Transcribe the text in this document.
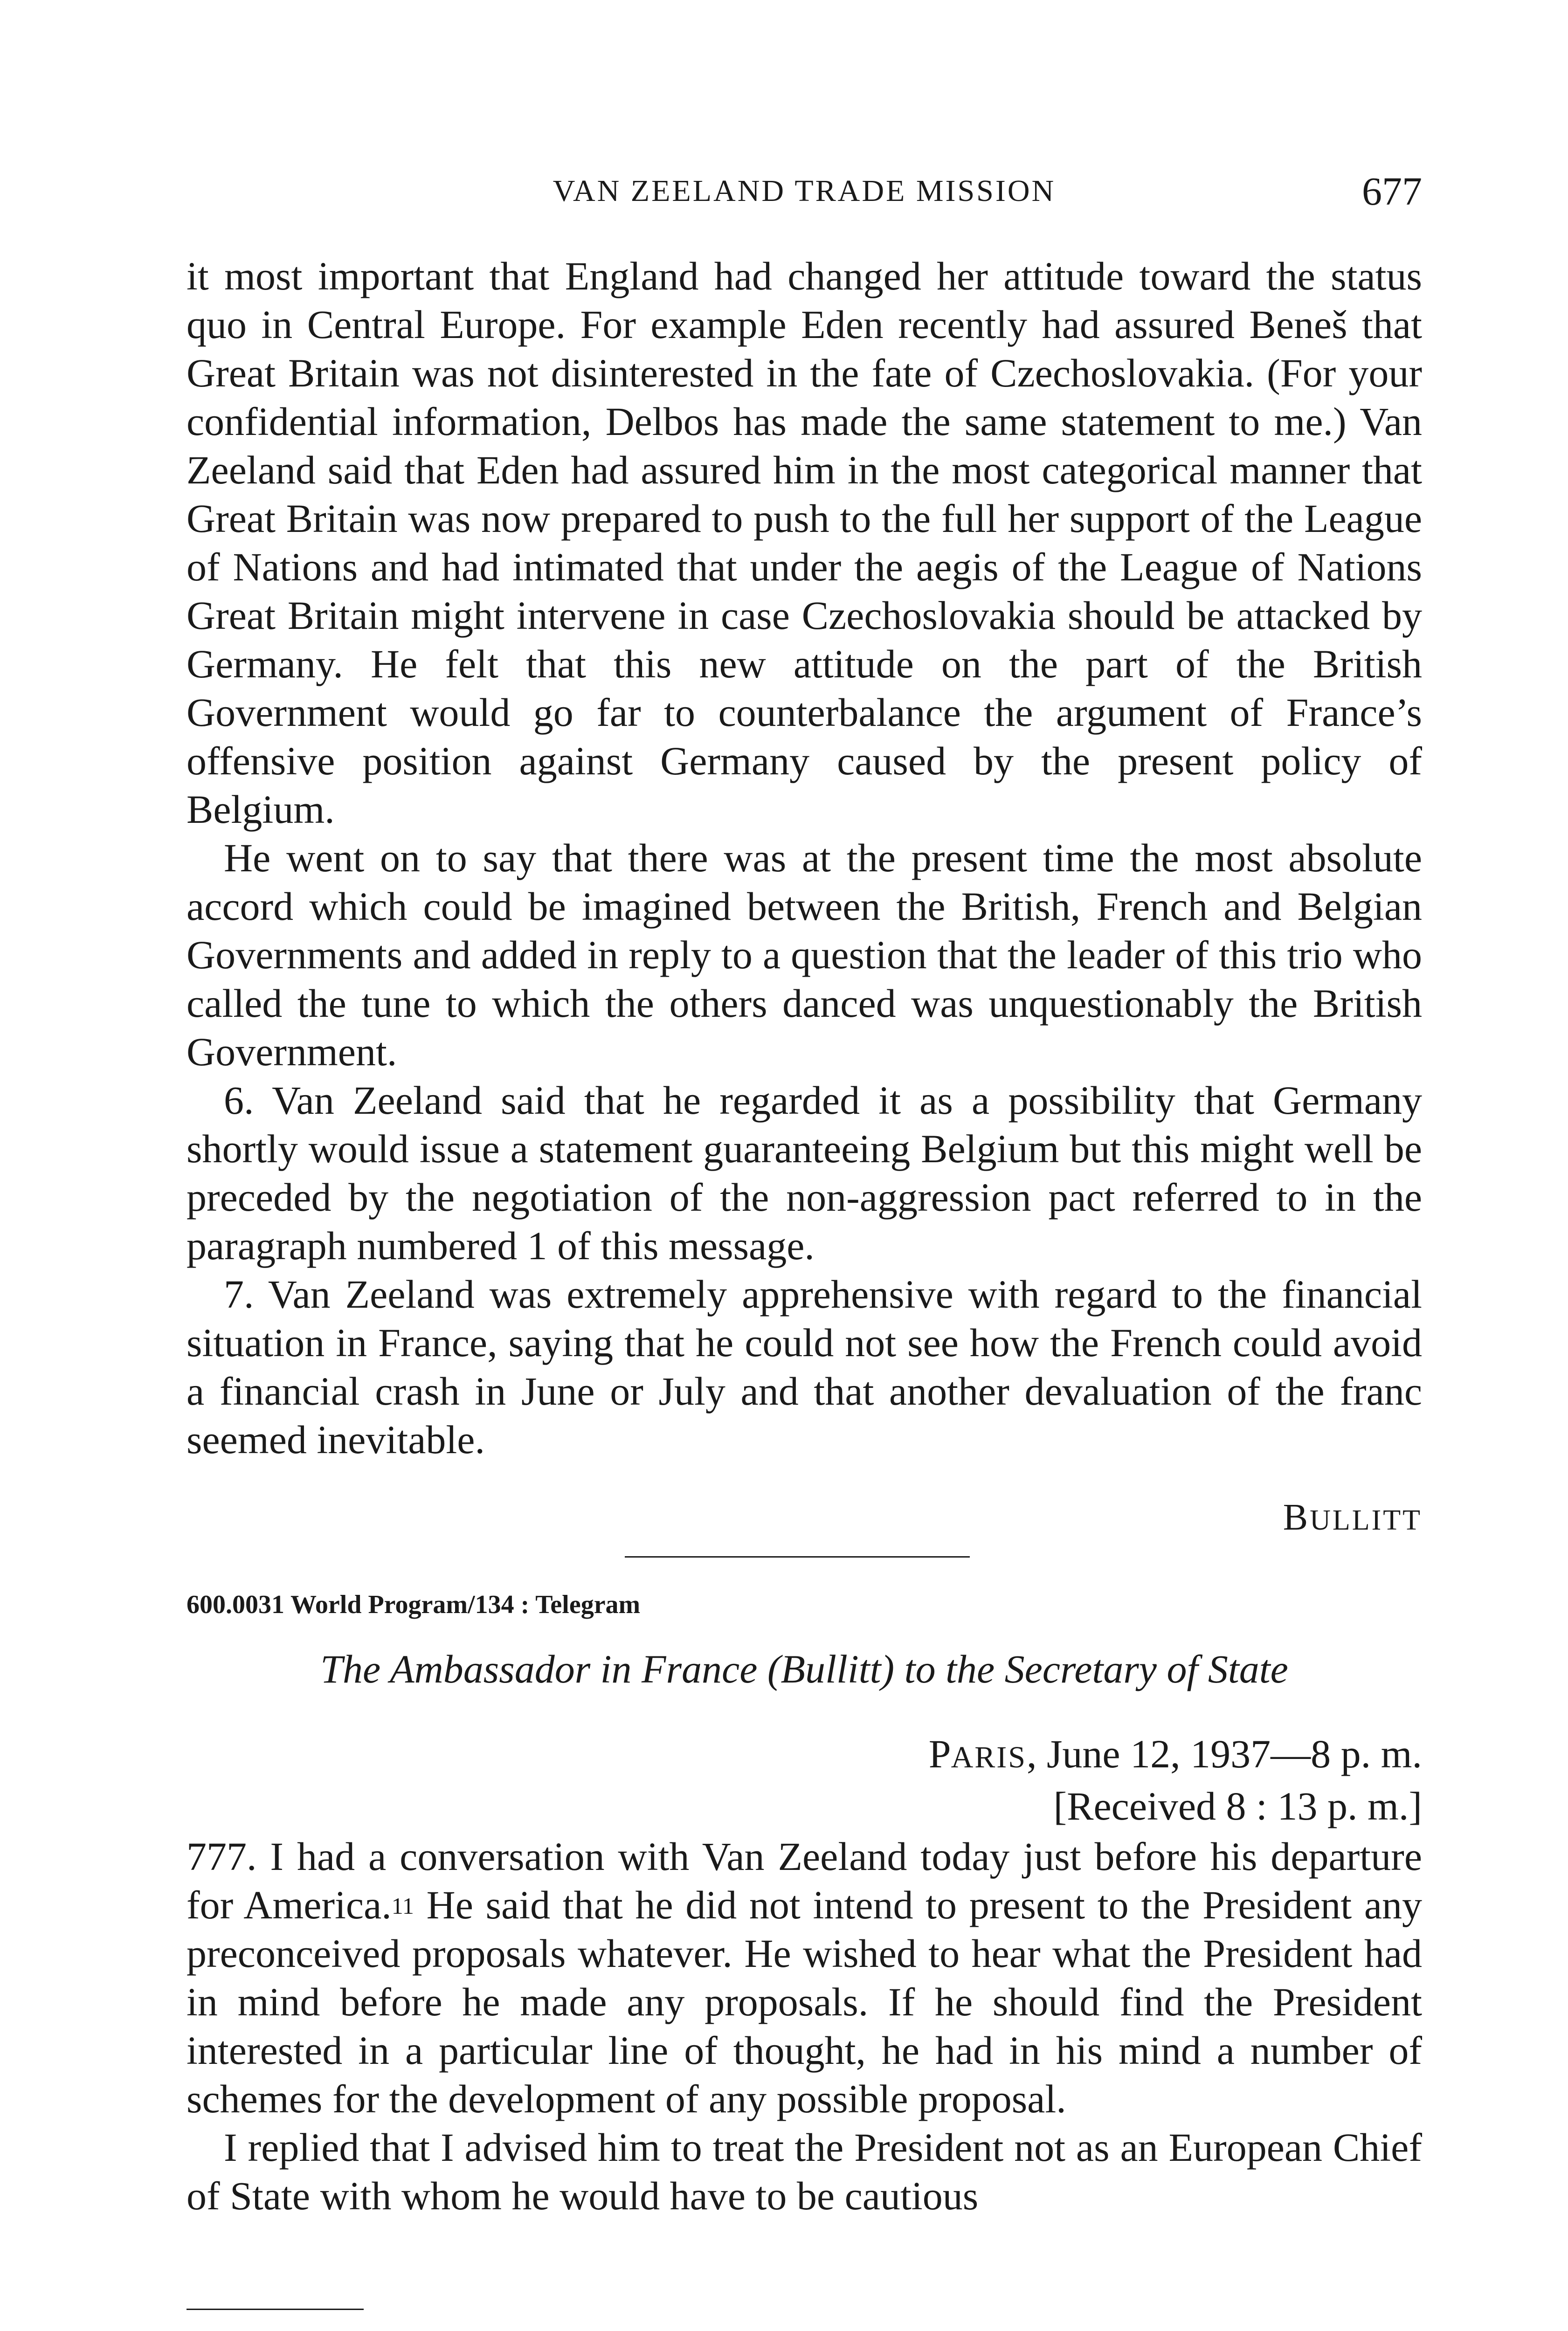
VAN ZEELAND TRADE MISSION	677

it most important that England had changed her attitude toward the status quo in Central Europe. For example Eden recently had assured Beneš that Great Britain was not disinterested in the fate of Czechoslovakia. (For your confidential information, Delbos has made the same statement to me.) Van Zeeland said that Eden had assured him in the most categorical manner that Great Britain was now prepared to push to the full her support of the League of Nations and had intimated that under the aegis of the League of Nations Great Britain might intervene in case Czechoslovakia should be attacked by Germany. He felt that this new attitude on the part of the British Government would go far to counterbalance the argument of France’s offensive position against Germany caused by the present policy of Belgium.

He went on to say that there was at the present time the most absolute accord which could be imagined between the British, French and Belgian Governments and added in reply to a question that the leader of this trio who called the tune to which the others danced was unquestionably the British Government.

6. Van Zeeland said that he regarded it as a possibility that Germany shortly would issue a statement guaranteeing Belgium but this might well be preceded by the negotiation of the non-aggression pact referred to in the paragraph numbered 1 of this message.

7. Van Zeeland was extremely apprehensive with regard to the financial situation in France, saying that he could not see how the French could avoid a financial crash in June or July and that another devaluation of the franc seemed inevitable.

BULLITT
600.0031 World Program/134 : Telegram
The Ambassador in France (Bullitt) to the Secretary of State
PARIS, June 12, 1937—8 p. m.
[Received 8 : 13 p. m.]

777. I had a conversation with Van Zeeland today just before his departure for America.$^{11}$ He said that he did not intend to present to the President any preconceived proposals whatever. He wished to hear what the President had in mind before he made any proposals. If he should find the President interested in a particular line of thought, he had in his mind a number of schemes for the development of any possible proposal.

I replied that I advised him to treat the President not as an European Chief of State with whom he would have to be cautious
